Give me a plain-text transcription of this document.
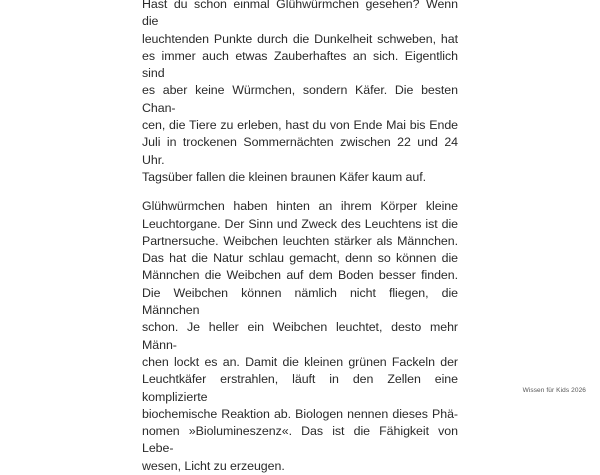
Hast du schon einmal Glühwürmchen gesehen? Wenn die
leuchtenden Punkte durch die Dunkelheit schweben, hat
es immer auch etwas Zauberhaftes an sich. Eigentlich sind
es aber keine Würmchen, sondern Käfer. Die besten Chan-
cen, die Tiere zu erleben, hast du von Ende Mai bis Ende
Juli in trockenen Sommernächten zwischen 22 und 24 Uhr.
Tagsüber fallen die kleinen braunen Käfer kaum auf.

Glühwürmchen haben hinten an ihrem Körper kleine
Leuchtorgane. Der Sinn und Zweck des Leuchtens ist die
Partnersuche. Weibchen leuchten stärker als Männchen.
Das hat die Natur schlau gemacht, denn so können die
Männchen die Weibchen auf dem Boden besser finden.
Die Weibchen können nämlich nicht fliegen, die Männchen
schon. Je heller ein Weibchen leuchtet, desto mehr Männ-
chen lockt es an. Damit die kleinen grünen Fackeln der
Leuchtkäfer erstrahlen, läuft in den Zellen eine komplizierte
biochemische Reaktion ab. Biologen nennen dieses Phä-
nomen »Biolumineszenz«. Das ist die Fähigkeit von Lebe-
wesen, Licht zu erzeugen.

Wissen für Kids 2026
